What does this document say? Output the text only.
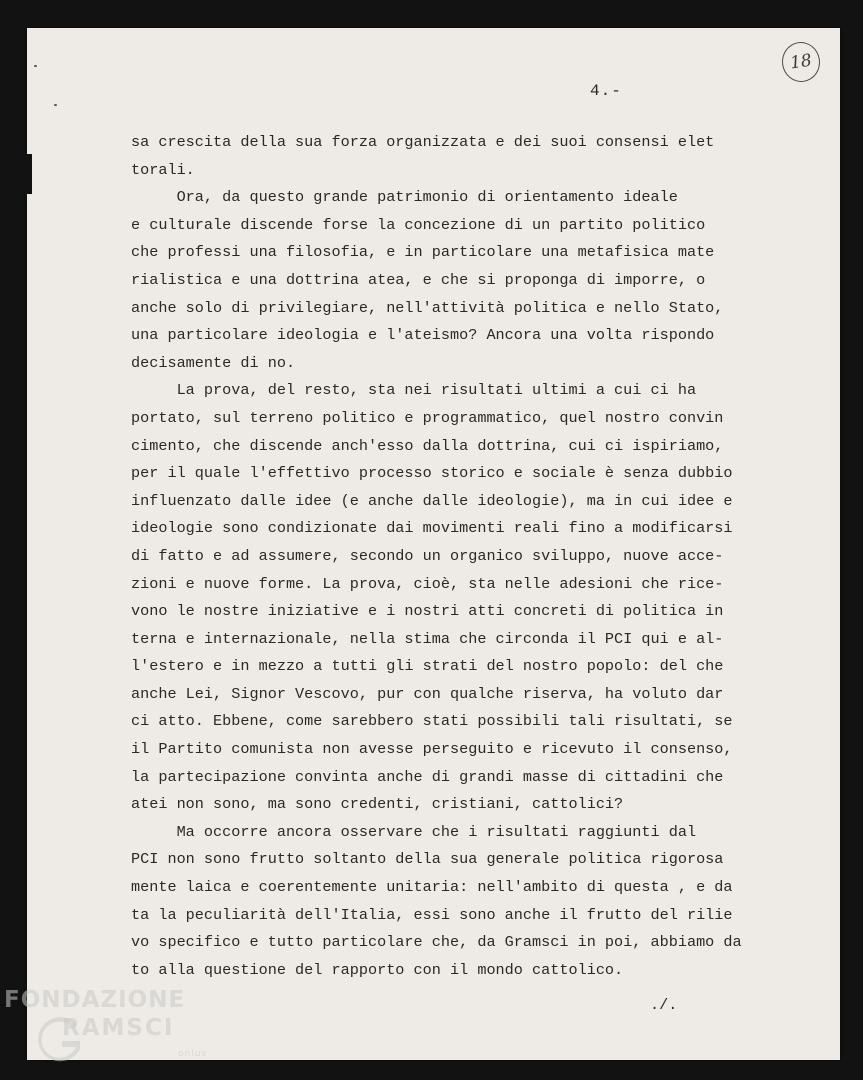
4.-
18
sa crescita della sua forza organizzata e dei suoi consensi elet
torali.
Ora, da questo grande patrimonio di orientamento ideale
e culturale discende forse la concezione di un partito politico
che professi una filosofia, e in particolare una metafisica mate
rialistica e una dottrina atea, e che si proponga di imporre, o
anche solo di privilegiare, nell'attività politica e nello Stato,
una particolare ideologia e l'ateismo? Ancora una volta rispondo
decisamente di no.
La prova, del resto, sta nei risultati ultimi a cui ci ha
portato, sul terreno politico e programmatico, quel nostro convin
cimento, che discende anch'esso dalla dottrina, cui ci ispiriamo,
per il quale l'effettivo processo storico e sociale è senza dubbio
influenzato dalle idee (e anche dalle ideologie), ma in cui idee e
ideologie sono condizionate dai movimenti reali fino a modificarsi
di fatto e ad assumere, secondo un organico sviluppo, nuove acce-
zioni e nuove forme. La prova, cioè, sta nelle adesioni che rice-
vono le nostre iniziative e i nostri atti concreti di politica in
terna e internazionale, nella stima che circonda il PCI qui e al-
l'estero e in mezzo a tutti gli strati del nostro popolo: del che
anche Lei, Signor Vescovo, pur con qualche riserva, ha voluto dar
ci atto. Ebbene, come sarebbero stati possibili tali risultati, se
il Partito comunista non avesse perseguito e ricevuto il consenso,
la partecipazione convinta anche di grandi masse di cittadini che
atei non sono, ma sono credenti, cristiani, cattolici?
Ma occorre ancora osservare che i risultati raggiunti dal
PCI non sono frutto soltanto della sua generale politica rigorosa
mente laica e coerentemente unitaria: nell'ambito di questa , e da
ta la peculiarità dell'Italia, essi sono anche il frutto del rilie
vo specifico e tutto particolare che, da Gramsci in poi, abbiamo da
to alla questione del rapporto con il mondo cattolico.
./.
FONDAZIONE
RAMSCI
onlus
